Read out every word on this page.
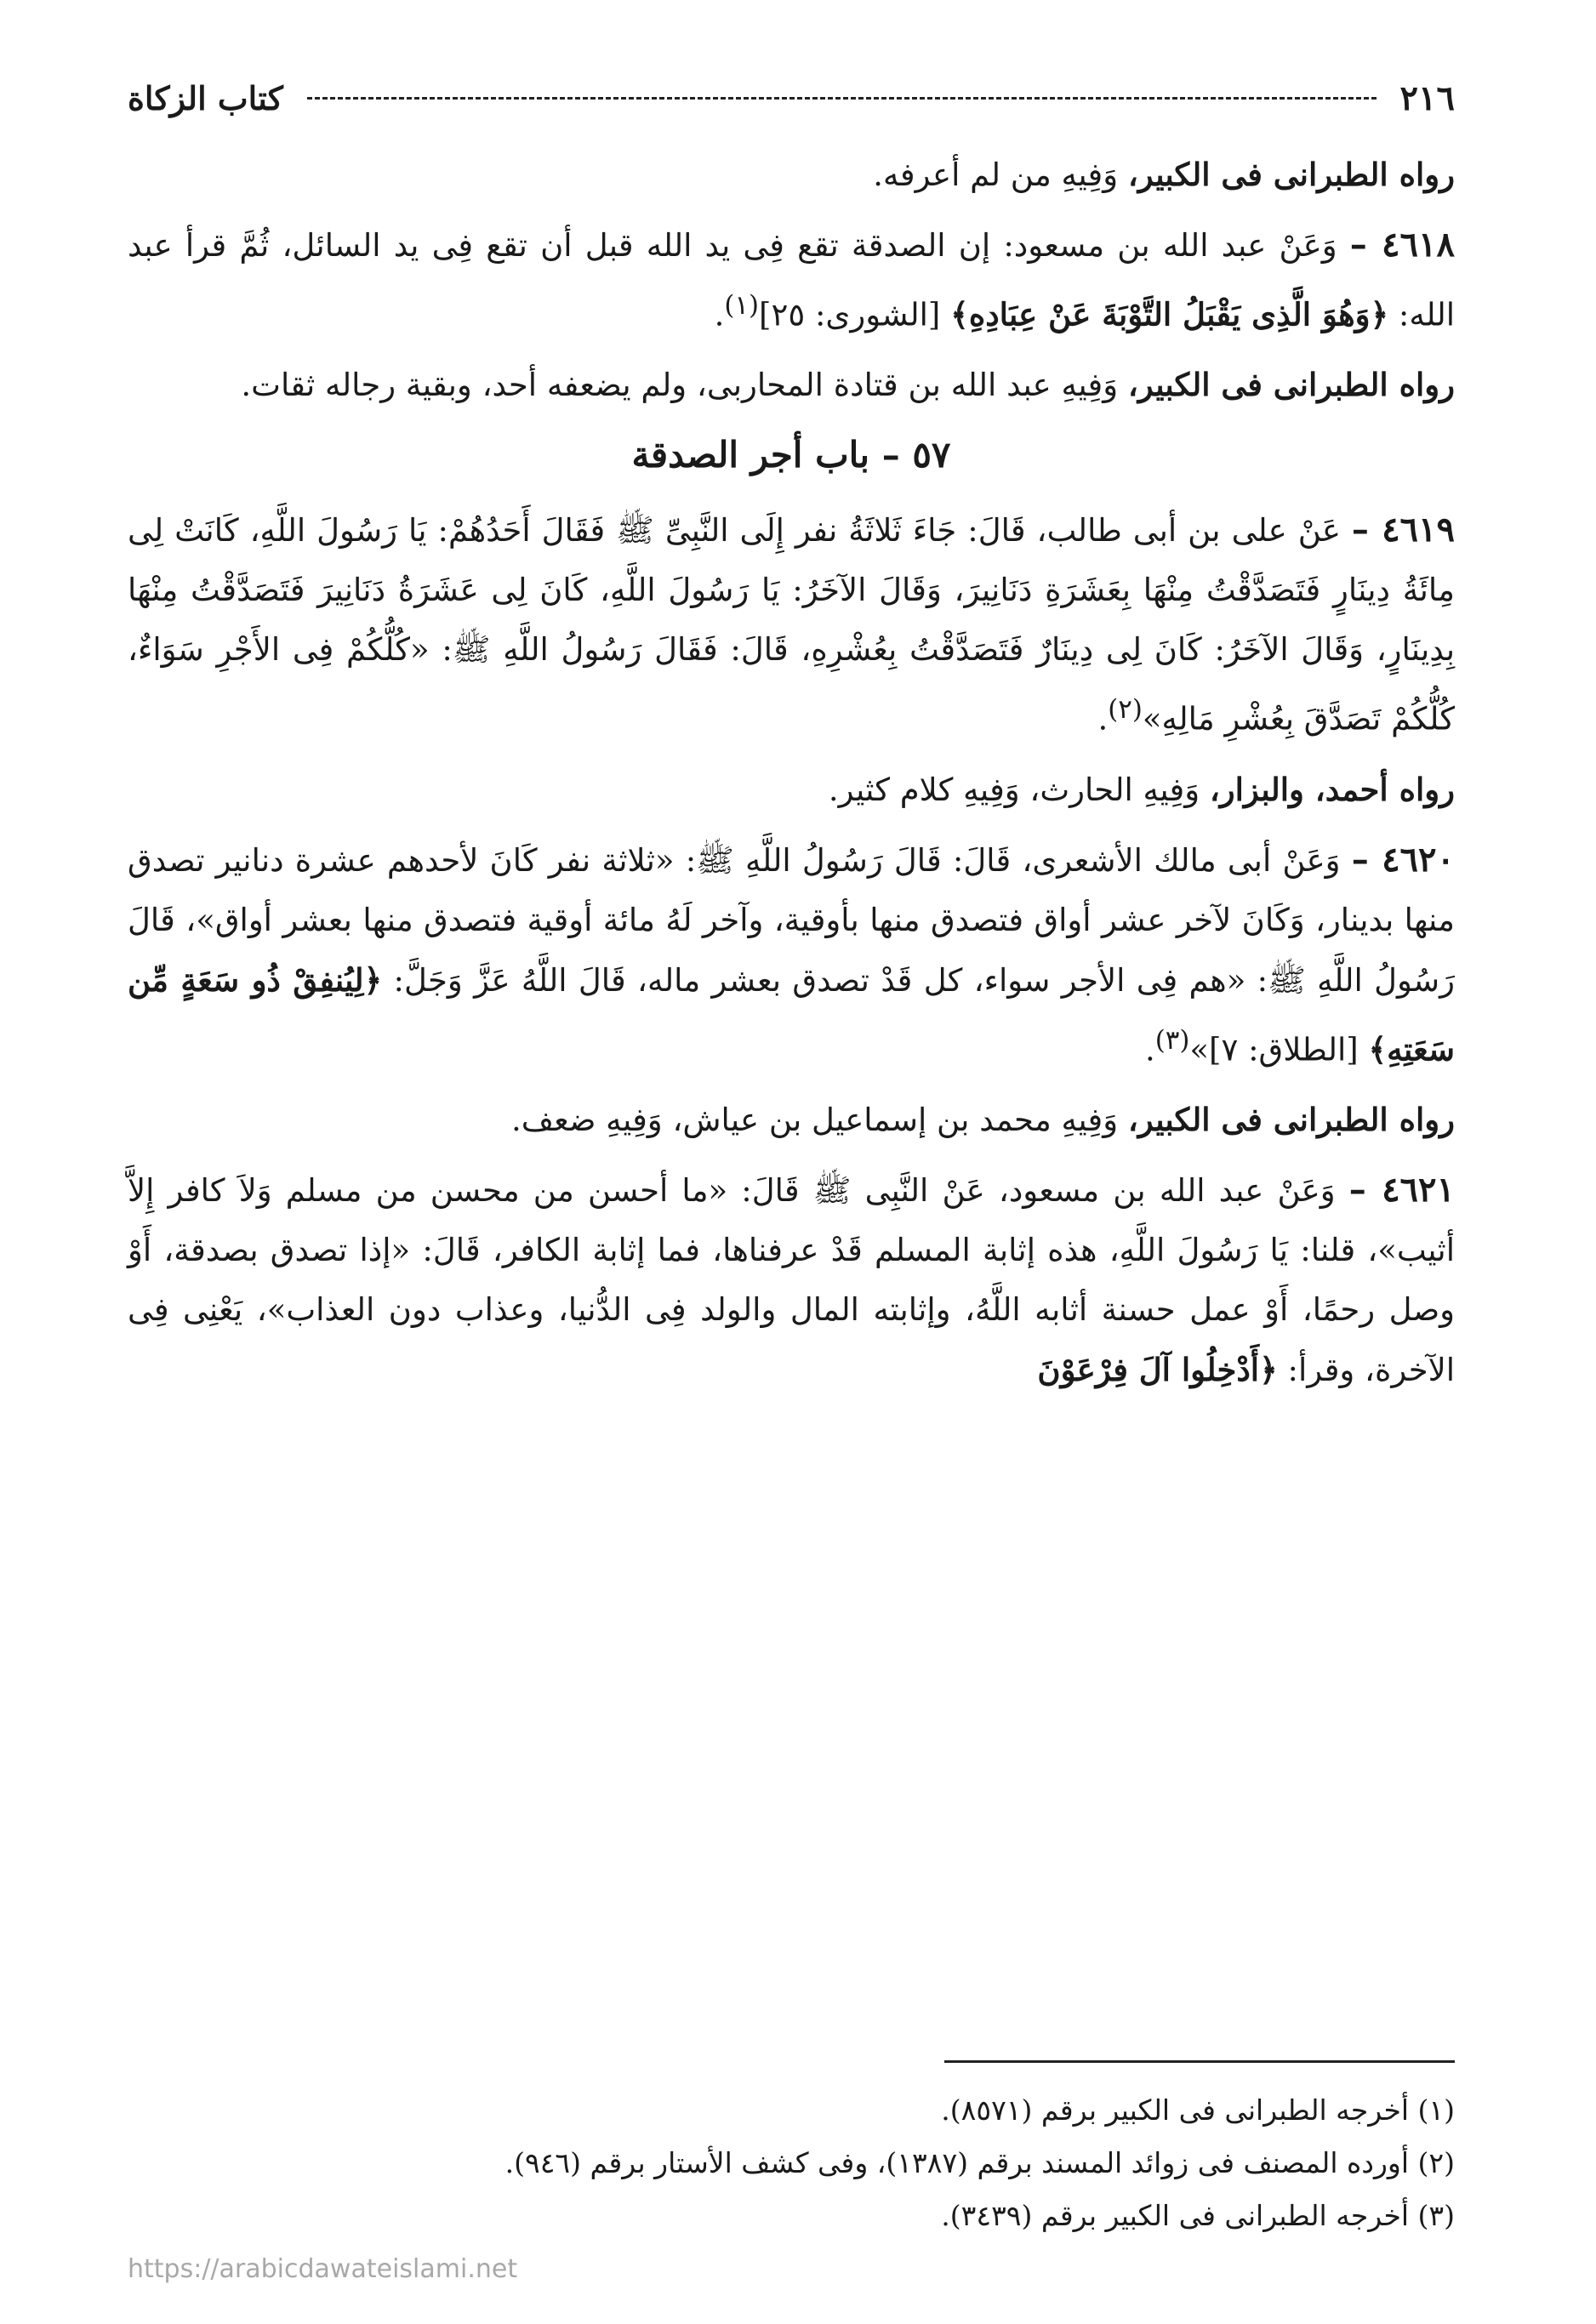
٢١٦
كتاب الزكاة

رواه الطبرانى فى الكبير، وَفِيهِ من لم أعرفه.

٤٦١٨ – وَعَنْ عبد الله بن مسعود: إن الصدقة تقع فِى يد الله قبل أن تقع فِى يد السائل، ثُمَّ قرأ عبد الله: ﴿وَهُوَ الَّذِى يَقْبَلُ التَّوْبَةَ عَنْ عِبَادِهِ﴾ [الشورى: ٢٥]$^{(١)}$.

رواه الطبرانى فى الكبير، وَفِيهِ عبد الله بن قتادة المحاربى، ولم يضعفه أحد، وبقية رجاله ثقات.

٥٧ – باب أجر الصدقة

٤٦١٩ – عَنْ على بن أبى طالب، قَالَ: جَاءَ ثَلاثَةُ نفر إِلَى النَّبِىِّ ﷺ فَقَالَ أَحَدُهُمْ: يَا رَسُولَ اللَّهِ، كَانَتْ لِى مِائَةُ دِينَارٍ فَتَصَدَّقْتُ مِنْهَا بِعَشَرَةِ دَنَانِيرَ، وَقَالَ الآخَرُ: يَا رَسُولَ اللَّهِ، كَانَ لِى عَشَرَةُ دَنَانِيرَ فَتَصَدَّقْتُ مِنْهَا بِدِينَارٍ، وَقَالَ الآخَرُ: كَانَ لِى دِينَارٌ فَتَصَدَّقْتُ بِعُشْرِهِ، قَالَ: فَقَالَ رَسُولُ اللَّهِ ﷺ: «كُلُّكُمْ فِى الأَجْرِ سَوَاءٌ، كُلُّكُمْ تَصَدَّقَ بِعُشْرِ مَالِهِ»$^{(٢)}$.

رواه أحمد، والبزار، وَفِيهِ الحارث، وَفِيهِ كلام كثير.

٤٦٢٠ – وَعَنْ أبى مالك الأشعرى، قَالَ: قَالَ رَسُولُ اللَّهِ ﷺ: «ثلاثة نفر كَانَ لأحدهم عشرة دنانير تصدق منها بدينار، وَكَانَ لآخر عشر أواق فتصدق منها بأوقية، وآخر لَهُ مائة أوقية فتصدق منها بعشر أواق»، قَالَ رَسُولُ اللَّهِ ﷺ: «هم فِى الأجر سواء، كل قَدْ تصدق بعشر ماله، قَالَ اللَّهُ عَزَّ وَجَلَّ: ﴿لِيُنفِقْ ذُو سَعَةٍ مِّن سَعَتِهِ﴾ [الطلاق: ٧]»$^{(٣)}$.

رواه الطبرانى فى الكبير، وَفِيهِ محمد بن إسماعيل بن عياش، وَفِيهِ ضعف.

٤٦٢١ – وَعَنْ عبد الله بن مسعود، عَنْ النَّبِى ﷺ قَالَ: «ما أحسن من محسن من مسلم وَلاَ كافر إِلاَّ أثيب»، قلنا: يَا رَسُولَ اللَّهِ، هذه إثابة المسلم قَدْ عرفناها، فما إثابة الكافر، قَالَ: «إذا تصدق بصدقة، أَوْ وصل رحمًا، أَوْ عمل حسنة أثابه اللَّهُ، وإثابته المال والولد فِى الدُّنيا، وعذاب دون العذاب»، يَعْنِى فِى الآخرة، وقرأ: ﴿أَدْخِلُوا آلَ فِرْعَوْنَ

(١) أخرجه الطبرانى فى الكبير برقم (٨٥٧١).
(٢) أورده المصنف فى زوائد المسند برقم (١٣٨٧)، وفى كشف الأستار برقم (٩٤٦).
(٣) أخرجه الطبرانى فى الكبير برقم (٣٤٣٩).
https://arabicdawateislami.net
